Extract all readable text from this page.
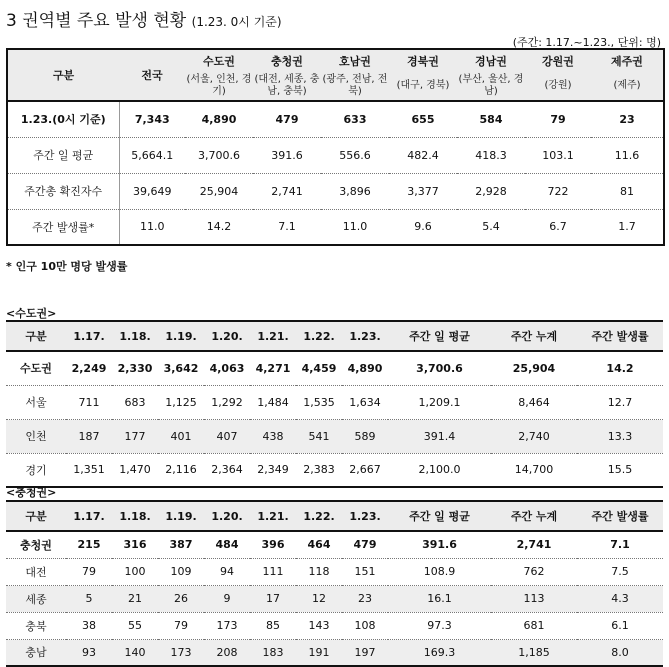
3 권역별 주요 발생 현황 (1.23. 0시 기준)
(주간: 1.17.~1.23., 단위: 명)
구분	전국	수도권	충청권	호남권	경북권	경남권	강원권	제주권
		(서울, 인천, 경기)	(대전, 세종, 충남, 충북)	(광주, 전남, 전북)	(대구, 경북)	(부산, 울산, 경남)	(강원)	(제주)
1.23.(0시 기준)	7,343	4,890	479	633	655	584	79	23
주간 일 평균	5,664.1	3,700.6	391.6	556.6	482.4	418.3	103.1	11.6
주간총 확진자수	39,649	25,904	2,741	3,896	3,377	2,928	722	81
주간 발생률*	11.0	14.2	7.1	11.0	9.6	5.4	6.7	1.7
* 인구 10만 명당 발생률
<수도권>
구분	1.17.	1.18.	1.19.	1.20.	1.21.	1.22.	1.23.	주간 일 평균	주간 누계	주간 발생률
수도권	2,249	2,330	3,642	4,063	4,271	4,459	4,890	3,700.6	25,904	14.2
서울	711	683	1,125	1,292	1,484	1,535	1,634	1,209.1	8,464	12.7
인천	187	177	401	407	438	541	589	391.4	2,740	13.3
경기	1,351	1,470	2,116	2,364	2,349	2,383	2,667	2,100.0	14,700	15.5
<충청권>
구분	1.17.	1.18.	1.19.	1.20.	1.21.	1.22.	1.23.	주간 일 평균	주간 누계	주간 발생률
충청권	215	316	387	484	396	464	479	391.6	2,741	7.1
대전	79	100	109	94	111	118	151	108.9	762	7.5
세종	5	21	26	9	17	12	23	16.1	113	4.3
충북	38	55	79	173	85	143	108	97.3	681	6.1
충남	93	140	173	208	183	191	197	169.3	1,185	8.0
